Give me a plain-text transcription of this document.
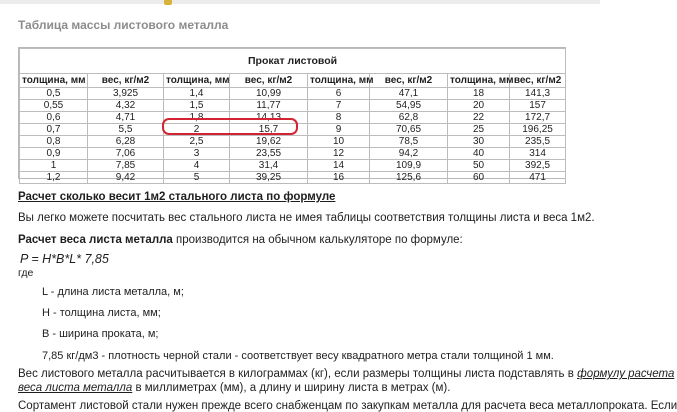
Таблица массы листового металла
Прокат листовой							
толщина, мм	вес, кг/м2	толщина, мм	вес, кг/м2	толщина, мм	вес, кг/м2	толщина, мм	вес, кг/м2
0,5	3,925	1,4	10,99	6	47,1	18	141,3
0,55	4,32	1,5	11,77	7	54,95	20	157
0,6	4,71	1,8	14,13	8	62,8	22	172,7
0,7	5,5	2	15,7	9	70,65	25	196,25
0,8	6,28	2,5	19,62	10	78,5	30	235,5
0,9	7,06	3	23,55	12	94,2	40	314
1	7,85	4	31,4	14	109,9	50	392,5
1,2	9,42	5	39,25	16	125,6	60	471
Расчет сколько весит 1м2 стального листа по формуле
Вы легко можете посчитать вес стального листа не имея таблицы соответствия толщины листа и веса 1м2.
Расчет веса листа металла производится на обычном калькуляторе по формуле:
P = H*B*L* 7,85
где
L - длина листа металла, м;
H - толщина листа, мм;
B - ширина проката, м;
7,85 кг/дм3 - плотность черной стали - соответствует весу квадратного метра стали толщиной 1 мм.
Вес листового металла расчитывается в килограммах (кг), если размеры толщины листа подставлять в формулу расчета
веса листа металла в миллиметрах (мм), а длину и ширину листа в метрах (м).
Сортамент листовой стали нужен прежде всего снабженцам по закупкам металла для расчета веса металлопроката. Если
